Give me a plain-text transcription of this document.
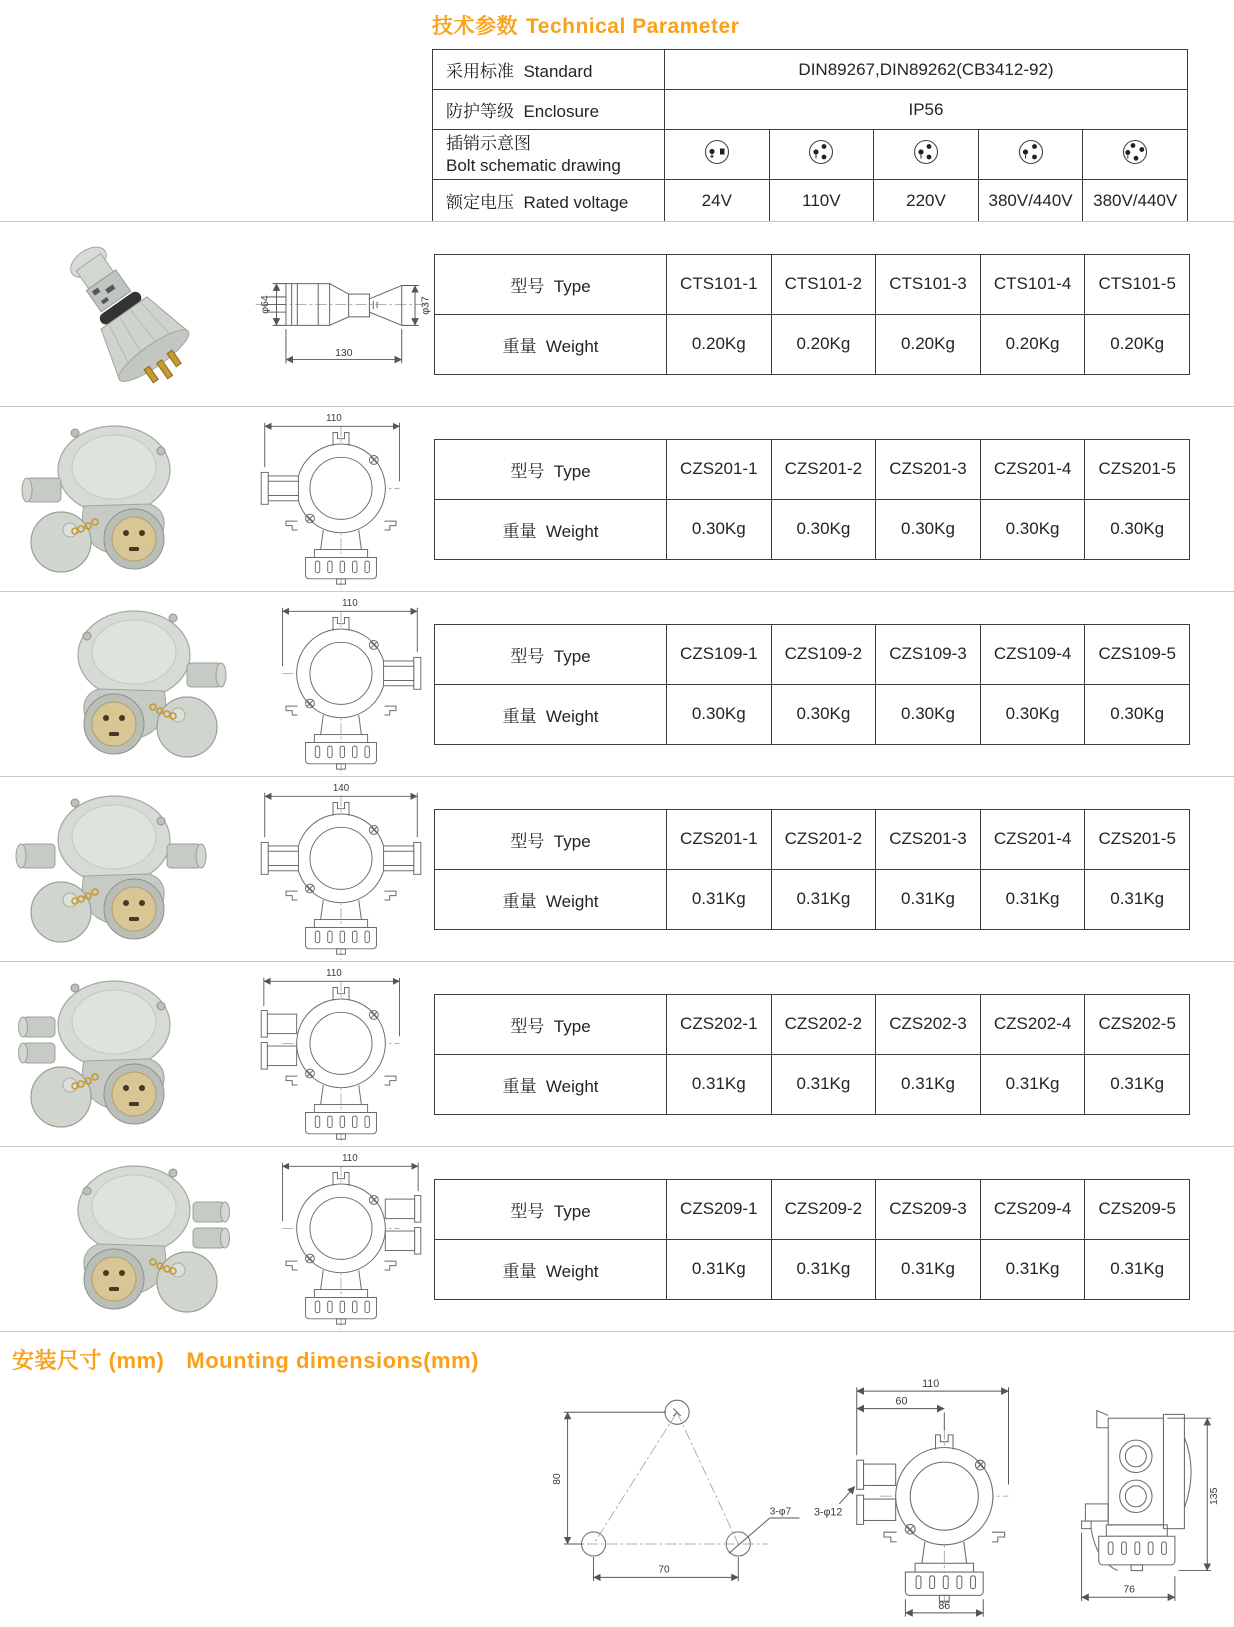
技术参数 Technical Parameter
采用标准  Standard	DIN89267,DIN89262(CB3412-92)				
防护等级  Enclosure	IP56				

插销示意图
Bolt schematic drawing

额定电压  Rated voltage	24V	110V	220V	380V/440V	380V/440V
φ64	φ37
130
型号  Type	CTS101-1	CTS101-2	CTS101-3	CTS101-4	CTS101-5
重量  Weight	0.20Kg	0.20Kg	0.20Kg	0.20Kg	0.20Kg
110
型号  Type	CZS201-1	CZS201-2	CZS201-3	CZS201-4	CZS201-5
重量  Weight	0.30Kg	0.30Kg	0.30Kg	0.30Kg	0.30Kg
110
型号  Type	CZS109-1	CZS109-2	CZS109-3	CZS109-4	CZS109-5
重量  Weight	0.30Kg	0.30Kg	0.30Kg	0.30Kg	0.30Kg
140
型号  Type	CZS201-1	CZS201-2	CZS201-3	CZS201-4	CZS201-5
重量  Weight	0.31Kg	0.31Kg	0.31Kg	0.31Kg	0.31Kg
110
型号  Type	CZS202-1	CZS202-2	CZS202-3	CZS202-4	CZS202-5
重量  Weight	0.31Kg	0.31Kg	0.31Kg	0.31Kg	0.31Kg
110
型号  Type	CZS209-1	CZS209-2	CZS209-3	CZS209-4	CZS209-5
重量  Weight	0.31Kg	0.31Kg	0.31Kg	0.31Kg	0.31Kg
安装尺寸 (mm) Mounting dimensions(mm)
80
70
3-φ7
110
60
3-φ12
86
135
76
